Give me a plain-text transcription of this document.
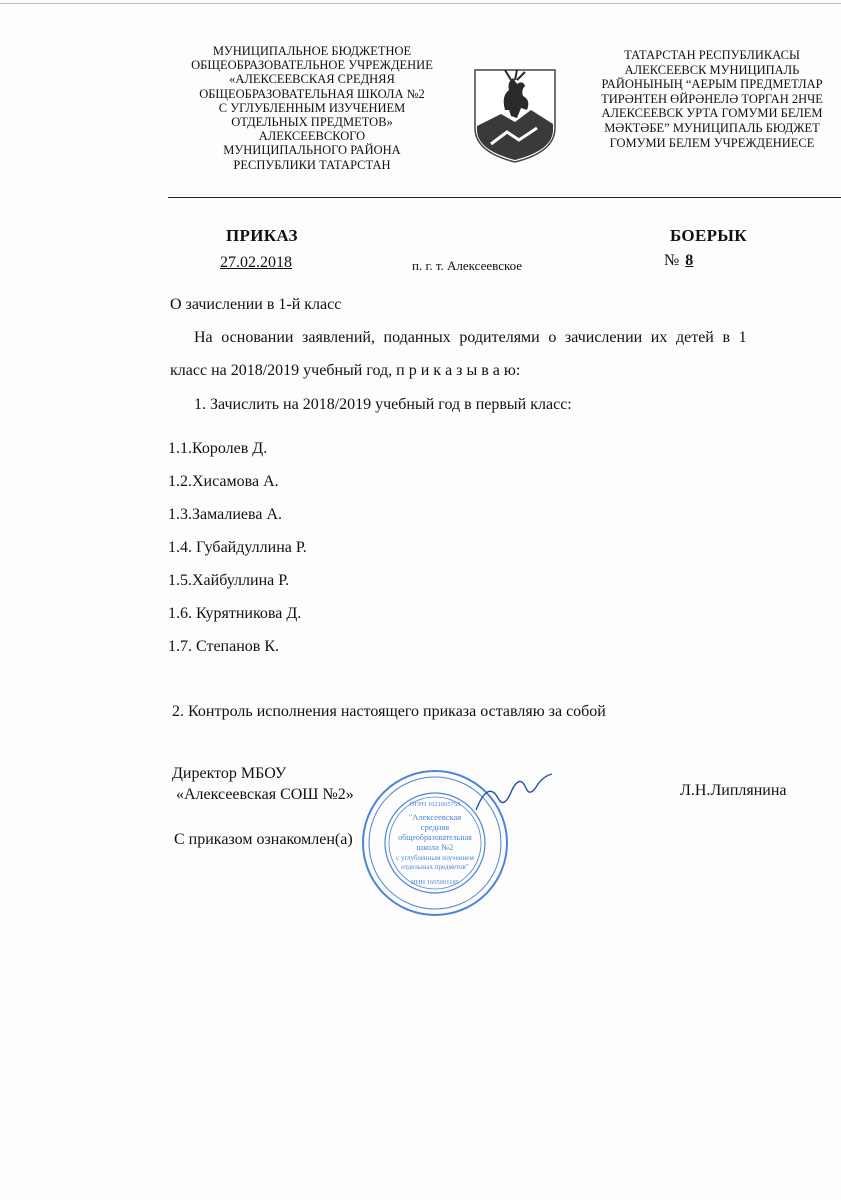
МУНИЦИПАЛЬНОЕ БЮДЖЕТНОЕ
ОБЩЕОБРАЗОВАТЕЛЬНОЕ УЧРЕЖДЕНИЕ
«АЛЕКСЕЕВСКАЯ СРЕДНЯЯ
ОБЩЕОБРАЗОВАТЕЛЬНАЯ ШКОЛА №2
С УГЛУБЛЕННЫМ ИЗУЧЕНИЕМ
ОТДЕЛЬНЫХ ПРЕДМЕТОВ»
АЛЕКСЕЕВСКОГО
МУНИЦИПАЛЬНОГО РАЙОНА
РЕСПУБЛИКИ ТАТАРСТАН
ТАТАРСТАН РЕСПУБЛИКАСЫ
АЛЕКСЕЕВСК МУНИЦИПАЛЬ
РАЙОНЫНЫҢ “АЕРЫМ ПРЕДМЕТЛАР
ТИРӘНТЕН ӨЙРӘНЕЛӘ ТОРГАН 2НЧЕ
АЛЕКСЕЕВСК УРТА ГОМУМИ БЕЛЕМ
МӘКТӘБЕ” МУНИЦИПАЛЬ БЮДЖЕТ
ГОМУМИ БЕЛЕМ УЧРЕЖДЕНИЕСЕ
ПРИКАЗ	БОЕРЫК
27.02.2018	п. г. т. Алексеевское	№ 8
О зачислении в 1-й класс
На основании заявлений, поданных родителями о зачислении их детей в 1
класс на 2018/2019 учебный год, п р и к а з ы в а ю:
1. Зачислить на 2018/2019 учебный год в первый класс:
1.1.Королев Д.
1.2.Хисамова А.
1.3.Замалиева А.
1.4. Губайдуллина Р.
1.5.Хайбуллина Р.
1.6. Курятникова Д.
1.7. Степанов К.
2. Контроль исполнения настоящего приказа оставляю за собой
Директор МБОУ
«Алексеевская СОШ №2»	Л.Н.Липлянина
С приказом ознакомлен(а)
"Алексеевская
средняя
общеобразовательная
школа №2
с углубленным изучением
отдельных предметов"
ОГРН 1021605753
ИНН 1605001185
